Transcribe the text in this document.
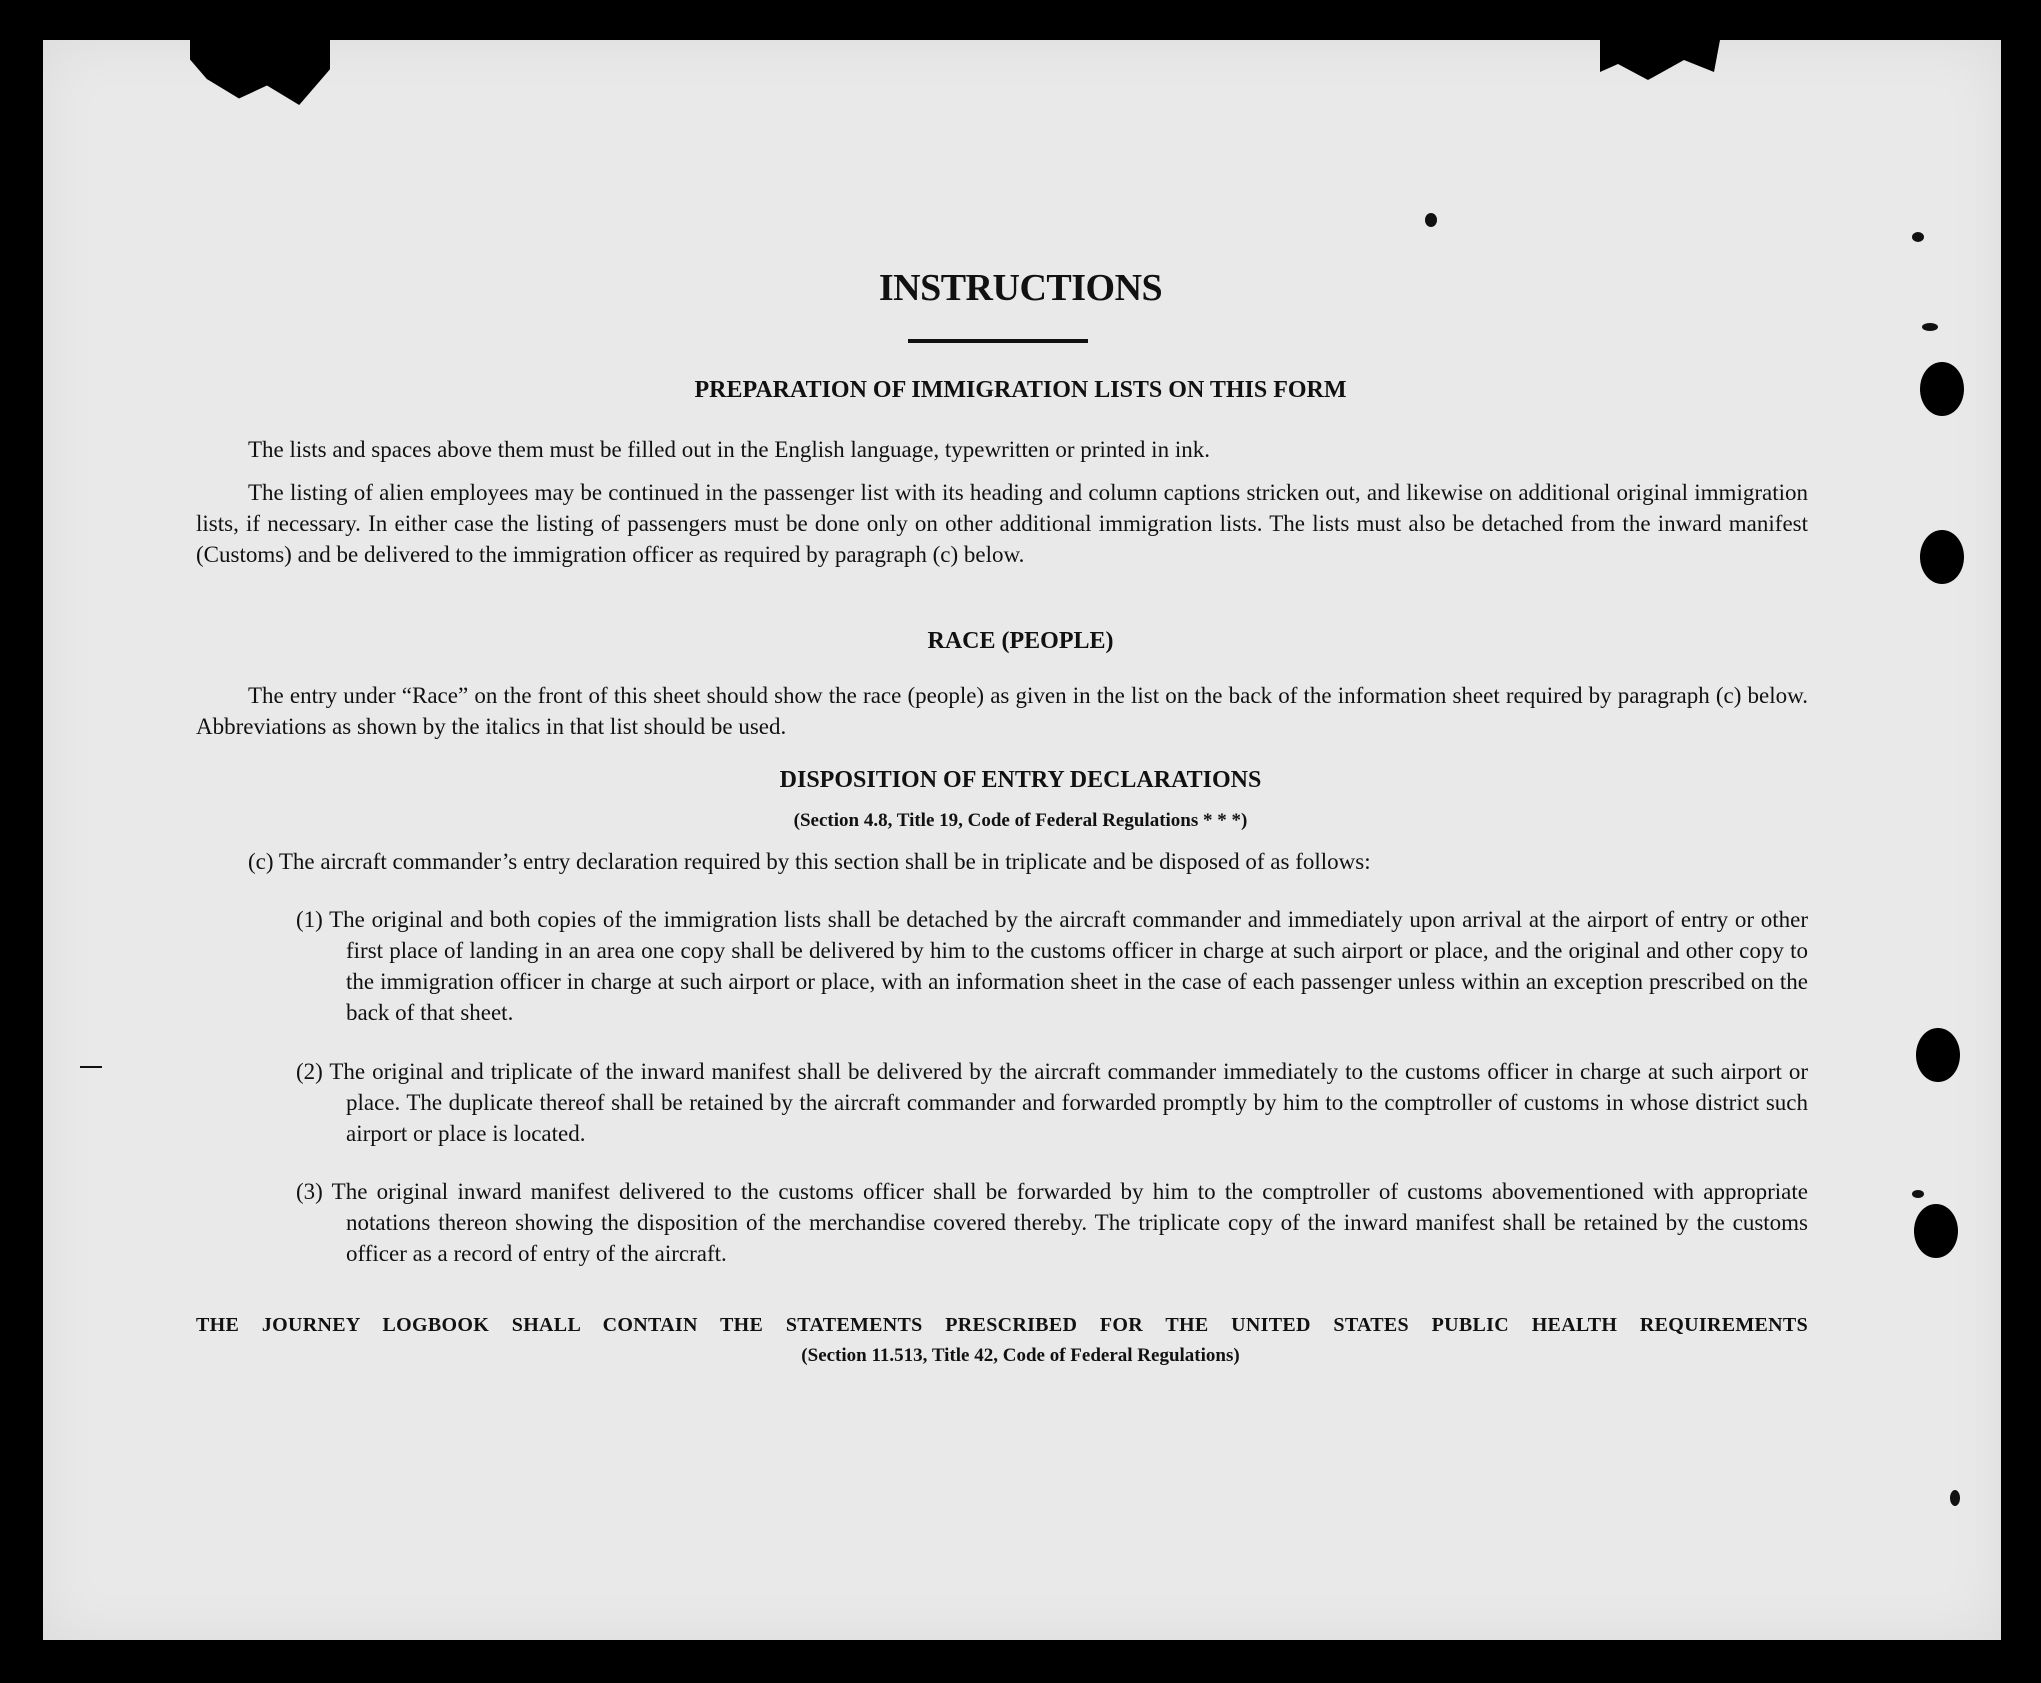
INSTRUCTIONS
PREPARATION OF IMMIGRATION LISTS ON THIS FORM

The lists and spaces above them must be filled out in the English language, typewritten or printed in ink.

The listing of alien employees may be continued in the passenger list with its heading and column captions stricken out, and likewise on additional original immigration lists, if necessary. In either case the listing of passengers must be done only on other additional immigration lists. The lists must also be detached from the inward manifest (Customs) and be delivered to the immigration officer as required by paragraph (c) below.

RACE (PEOPLE)

The entry under “Race” on the front of this sheet should show the race (people) as given in the list on the back of the information sheet required by paragraph (c) below. Abbreviations as shown by the italics in that list should be used.

DISPOSITION OF ENTRY DECLARATIONS

(Section 4.8, Title 19, Code of Federal Regulations * * *)

(c) The aircraft commander’s entry declaration required by this section shall be in triplicate and be disposed of as follows:

(1) The original and both copies of the immigration lists shall be detached by the aircraft commander and immediately upon arrival at the airport of entry or other first place of landing in an area one copy shall be delivered by him to the customs officer in charge at such airport or place, and the original and other copy to the immigration officer in charge at such airport or place, with an information sheet in the case of each passenger unless within an exception prescribed on the back of that sheet.

(2) The original and triplicate of the inward manifest shall be delivered by the aircraft commander immediately to the customs officer in charge at such airport or place. The duplicate thereof shall be retained by the aircraft commander and forwarded promptly by him to the comptroller of customs in whose district such airport or place is located.

(3) The original inward manifest delivered to the customs officer shall be forwarded by him to the comptroller of customs abovementioned with appropriate notations thereon showing the disposition of the merchandise covered thereby. The triplicate copy of the inward manifest shall be retained by the customs officer as a record of entry of the aircraft.

THE JOURNEY LOGBOOK SHALL CONTAIN THE STATEMENTS PRESCRIBED FOR THE UNITED STATES PUBLIC HEALTH REQUIREMENTS

(Section 11.513, Title 42, Code of Federal Regulations)
